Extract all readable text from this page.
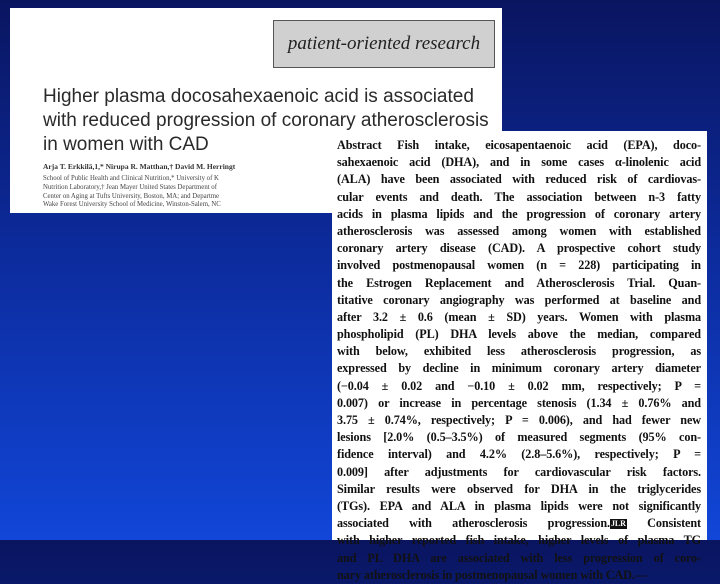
patient-oriented research
Higher plasma docosahexaenoic acid is associated with reduced progression of coronary atherosclerosis in women with CAD
Arja T. Erkkilä,1,* Nirupa R. Matthan,† David M. Herringt
School of Public Health and Clinical Nutrition,* University of K
Nutrition Laboratory,† Jean Mayer United States Department of
Center on Aging at Tufts University, Boston, MA; and Departme
Wake Forest University School of Medicine, Winston-Salem, NC
Abstract Fish intake, eicosapentaenoic acid (EPA), doco-
sahexaenoic acid (DHA), and in some cases α-linolenic acid
(ALA) have been associated with reduced risk of cardiovas-
cular events and death. The association between n-3 fatty
acids in plasma lipids and the progression of coronary artery
atherosclerosis was assessed among women with established
coronary artery disease (CAD). A prospective cohort study
involved postmenopausal women (n = 228) participating in
the Estrogen Replacement and Atherosclerosis Trial. Quan-
titative coronary angiography was performed at baseline and
after 3.2 ± 0.6 (mean ± SD) years. Women with plasma
phospholipid (PL) DHA levels above the median, compared
with below, exhibited less atherosclerosis progression, as
expressed by decline in minimum coronary artery diameter
(−0.04 ± 0.02 and −0.10 ± 0.02 mm, respectively; P =
0.007) or increase in percentage stenosis (1.34 ± 0.76% and
3.75 ± 0.74%, respectively; P = 0.006), and had fewer new
lesions [2.0% (0.5–3.5%) of measured segments (95% con-
fidence interval) and 4.2% (2.8–5.6%), respectively; P =
0.009] after adjustments for cardiovascular risk factors.
Similar results were observed for DHA in the triglycerides
(TGs). EPA and ALA in plasma lipids were not significantly
associated with atherosclerosis progression.JLR Consistent
with higher reported fish intake, higher levels of plasma TG
and PL DHA are associated with less progression of coro-
nary atherosclerosis in postmenopausal women with CAD.—
